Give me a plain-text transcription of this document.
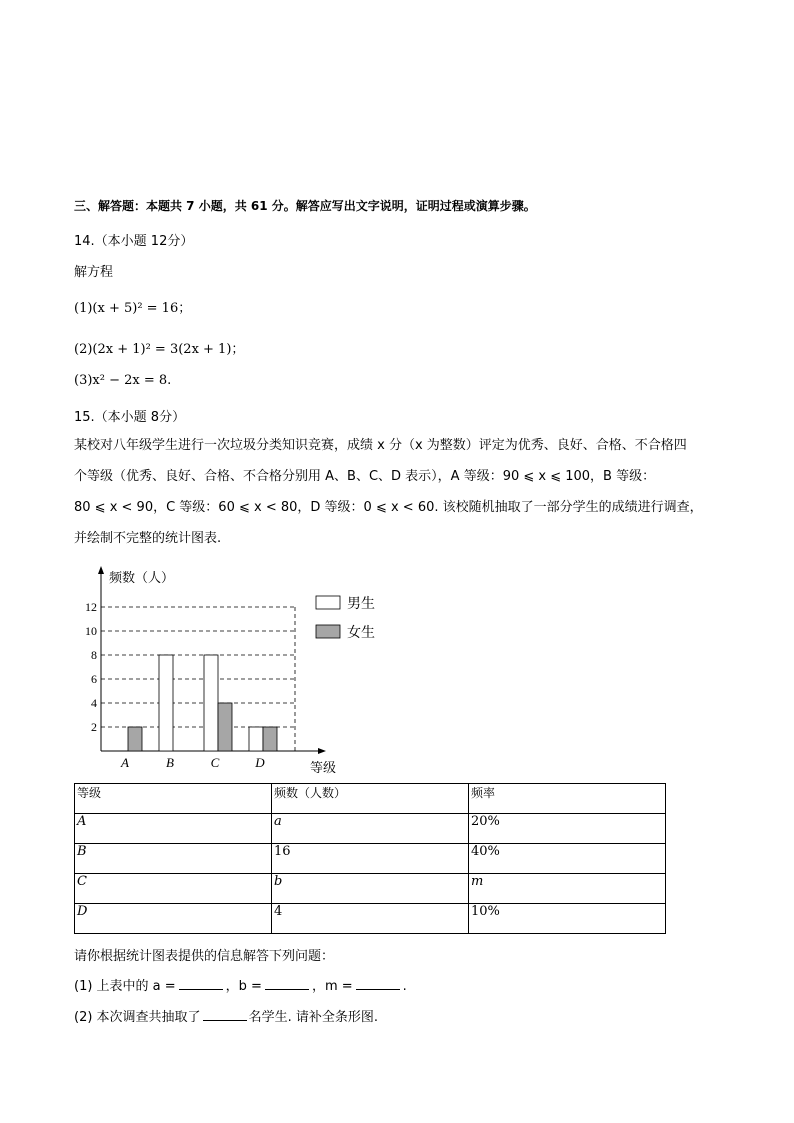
三、解答题：本题共 7 小题，共 61 分。解答应写出文字说明，证明过程或演算步骤。
14.（本小题 12分）
解方程
(1)(x + 5)² = 16；
(2)(2x + 1)² = 3(2x + 1)；
(3)x² − 2x = 8.
15.（本小题 8分）
某校对八年级学生进行一次垃圾分类知识竞赛，成绩 x 分（x 为整数）评定为优秀、良好、合格、不合格四
个等级（优秀、良好、合格、不合格分别用 A、B、C、D 表示），A 等级：90 ⩽ x ⩽ 100，B 等级：
80 ⩽ x < 90，C 等级：60 ⩽ x < 80，D 等级：0 ⩽ x < 60. 该校随机抽取了一部分学生的成绩进行调查，
并绘制不完整的统计图表.
2
4
6
8
10
12
频数（人）
等级
A	B	C	D
男生
女生
等级	频数（人数）	频率
A	a	20%
B	16	40%
C	b	m
D	4	10%
请你根据统计图表提供的信息解答下列问题：
(1) 上表中的 a =	，b =	，m =	.
(2) 本次调查共抽取了	名学生. 请补全条形图.
